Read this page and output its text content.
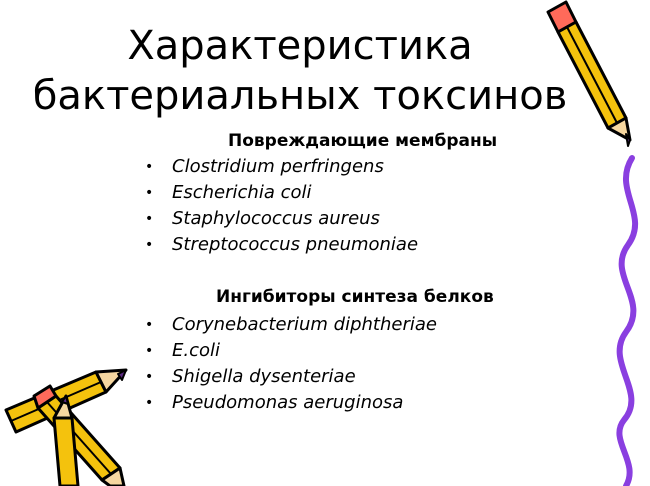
Характеристика
бактериальных токсинов
Повреждающие мембраны
• Clostridium perfringens
• Escherichia coli
• Staphylococcus aureus
• Streptococcus pneumoniae
Ингибиторы синтеза белков
• Corynebacterium diphtheriae
• E.coli
• Shigella dysenteriae
• Pseudomonas aeruginosa
